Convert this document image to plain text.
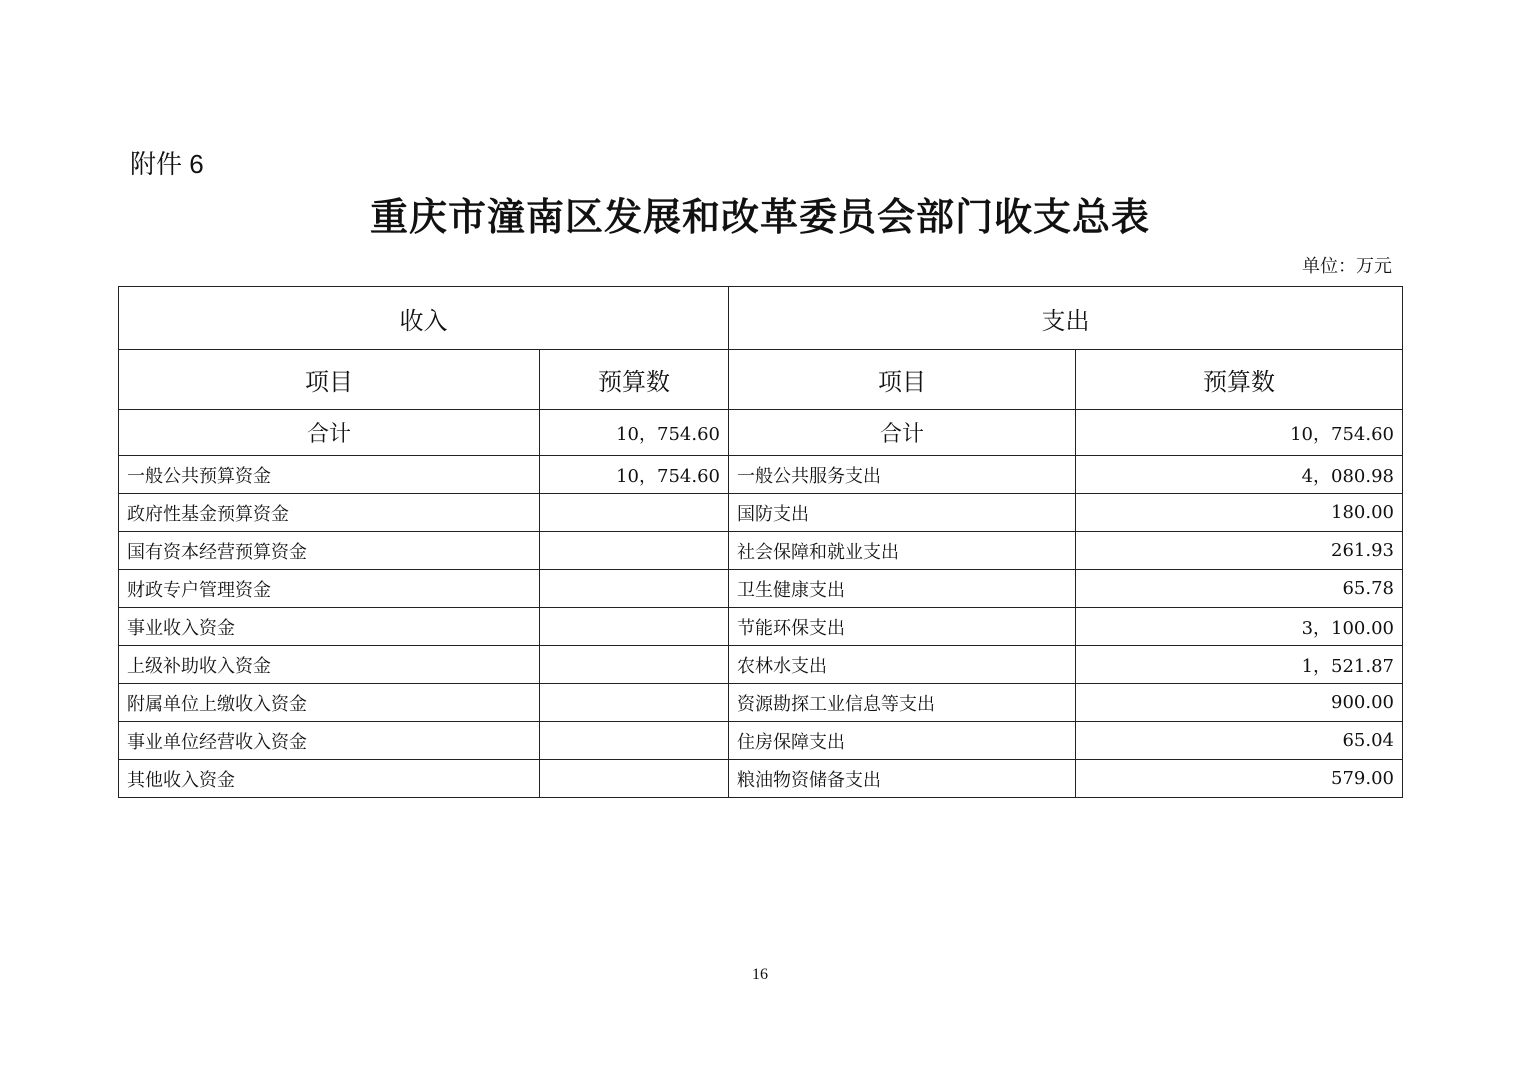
附件 6
重庆市潼南区发展和改革委员会部门收支总表
单位：万元
收入		支出	
项目	预算数	项目	预算数
合计	10，754.60	合计	10，754.60
一般公共预算资金	10，754.60	一般公共服务支出	4，080.98
政府性基金预算资金		国防支出	180.00
国有资本经营预算资金		社会保障和就业支出	261.93
财政专户管理资金		卫生健康支出	65.78
事业收入资金		节能环保支出	3，100.00
上级补助收入资金		农林水支出	1，521.87
附属单位上缴收入资金		资源勘探工业信息等支出	900.00
事业单位经营收入资金		住房保障支出	65.04
其他收入资金		粮油物资储备支出	579.00
16
